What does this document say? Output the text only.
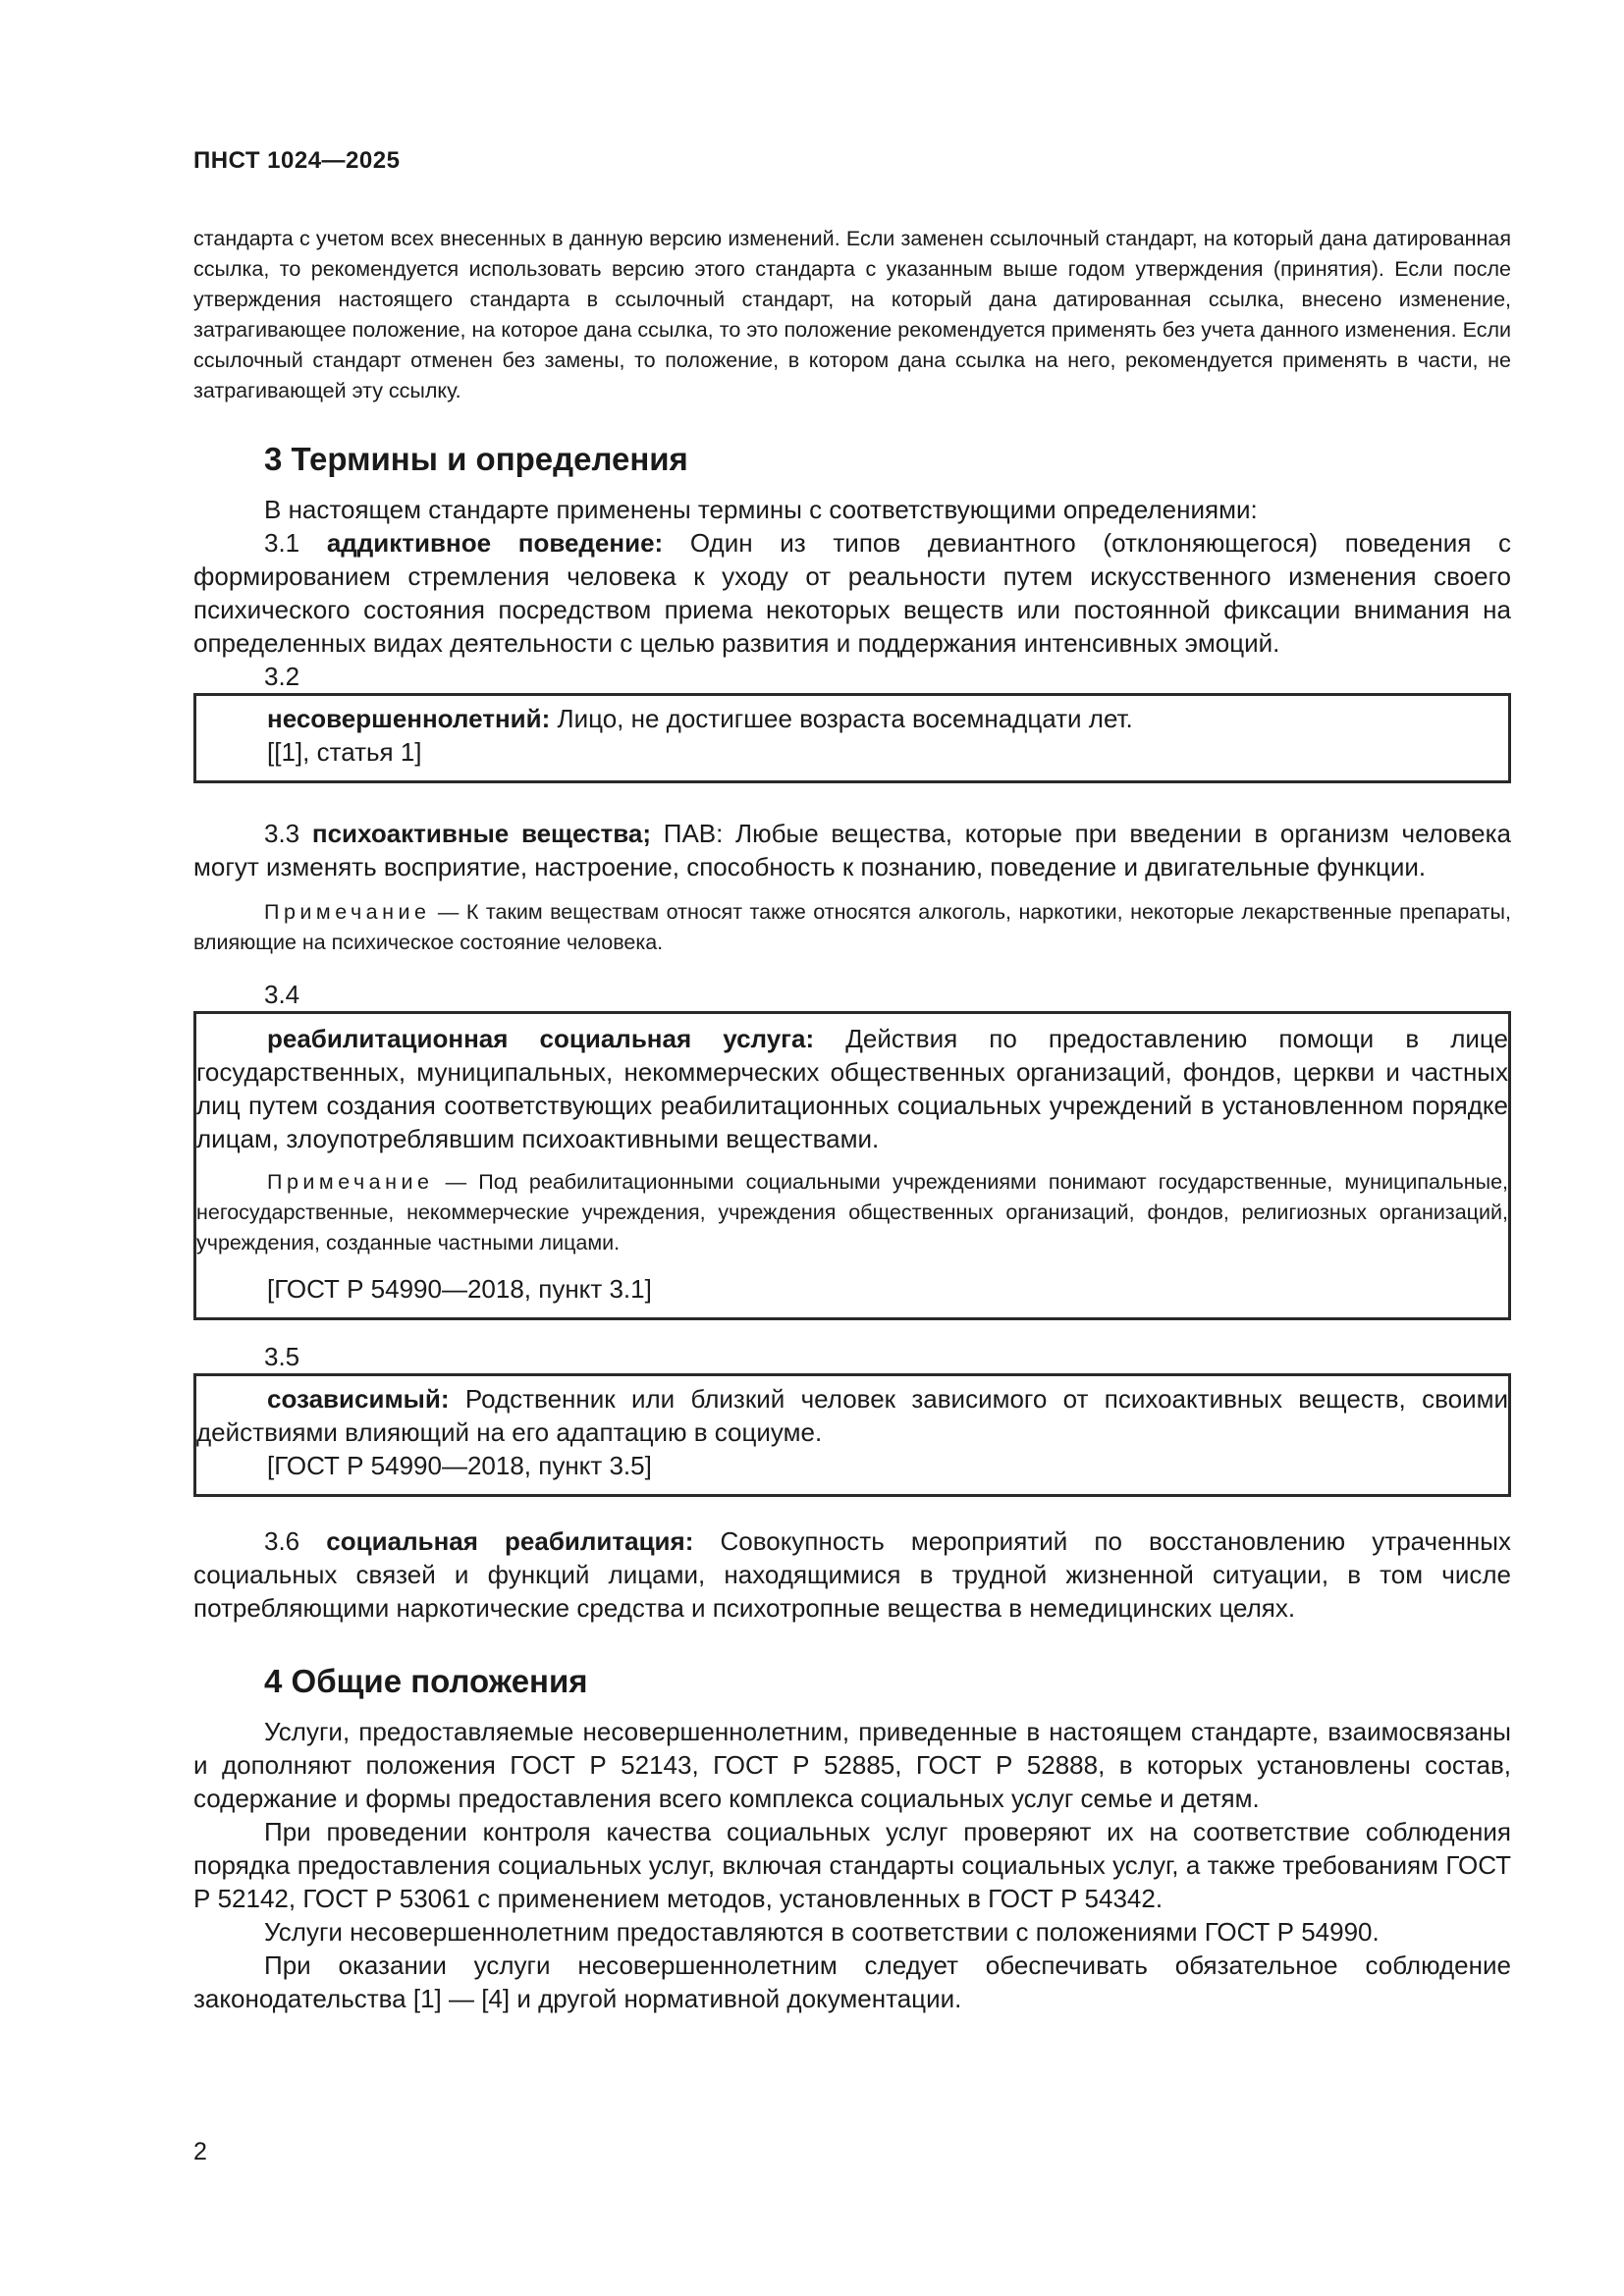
ПНСТ 1024—2025

стандарта с учетом всех внесенных в данную версию изменений. Если заменен ссылочный стандарт, на который дана датированная ссылка, то рекомендуется использовать версию этого стандарта с указанным выше годом утверждения (принятия). Если после утверждения настоящего стандарта в ссылочный стандарт, на который дана датированная ссылка, внесено изменение, затрагивающее положение, на которое дана ссылка, то это положение рекомендуется применять без учета данного изменения. Если ссылочный стандарт отменен без замены, то положение, в котором дана ссылка на него, рекомендуется применять в части, не затрагивающей эту ссылку.

3 Термины и определения

В настоящем стандарте применены термины с соответствующими определениями:

3.1 аддиктивное поведение: Один из типов девиантного (отклоняющегося) поведения с формированием стремления человека к уходу от реальности путем искусственного изменения своего психического состояния посредством приема некоторых веществ или постоянной фиксации внимания на определенных видах деятельности с целью развития и поддержания интенсивных эмоций.

3.2

несовершеннолетний: Лицо, не достигшее возраста восемнадцати лет.

[[1], статья 1]

3.3 психоактивные вещества; ПАВ: Любые вещества, которые при введении в организм человека могут изменять восприятие, настроение, способность к познанию, поведение и двигательные функции.

Примечание — К таким веществам относят также относятся алкоголь, наркотики, некоторые лекарственные препараты, влияющие на психическое состояние человека.

3.4

реабилитационная социальная услуга: Действия по предоставлению помощи в лице государственных, муниципальных, некоммерческих общественных организаций, фондов, церкви и частных лиц путем создания соответствующих реабилитационных социальных учреждений в установленном порядке лицам, злоупотреблявшим психоактивными веществами.

Примечание — Под реабилитационными социальными учреждениями понимают государственные, муниципальные, негосударственные, некоммерческие учреждения, учреждения общественных организаций, фондов, религиозных организаций, учреждения, созданные частными лицами.

[ГОСТ Р 54990—2018, пункт 3.1]

3.5

созависимый: Родственник или близкий человек зависимого от психоактивных веществ, своими действиями влияющий на его адаптацию в социуме.

[ГОСТ Р 54990—2018, пункт 3.5]

3.6 социальная реабилитация: Совокупность мероприятий по восстановлению утраченных социальных связей и функций лицами, находящимися в трудной жизненной ситуации, в том числе потребляющими наркотические средства и психотропные вещества в немедицинских целях.

4 Общие положения

Услуги, предоставляемые несовершеннолетним, приведенные в настоящем стандарте, взаимосвязаны и дополняют положения ГОСТ Р 52143, ГОСТ Р 52885, ГОСТ Р 52888, в которых установлены состав, содержание и формы предоставления всего комплекса социальных услуг семье и детям.

При проведении контроля качества социальных услуг проверяют их на соответствие соблюдения порядка предоставления социальных услуг, включая стандарты социальных услуг, а также требованиям ГОСТ Р 52142, ГОСТ Р 53061 с применением методов, установленных в ГОСТ Р 54342.

Услуги несовершеннолетним предоставляются в соответствии с положениями ГОСТ Р 54990.

При оказании услуги несовершеннолетним следует обеспечивать обязательное соблюдение законодательства [1] — [4] и другой нормативной документации.

2
